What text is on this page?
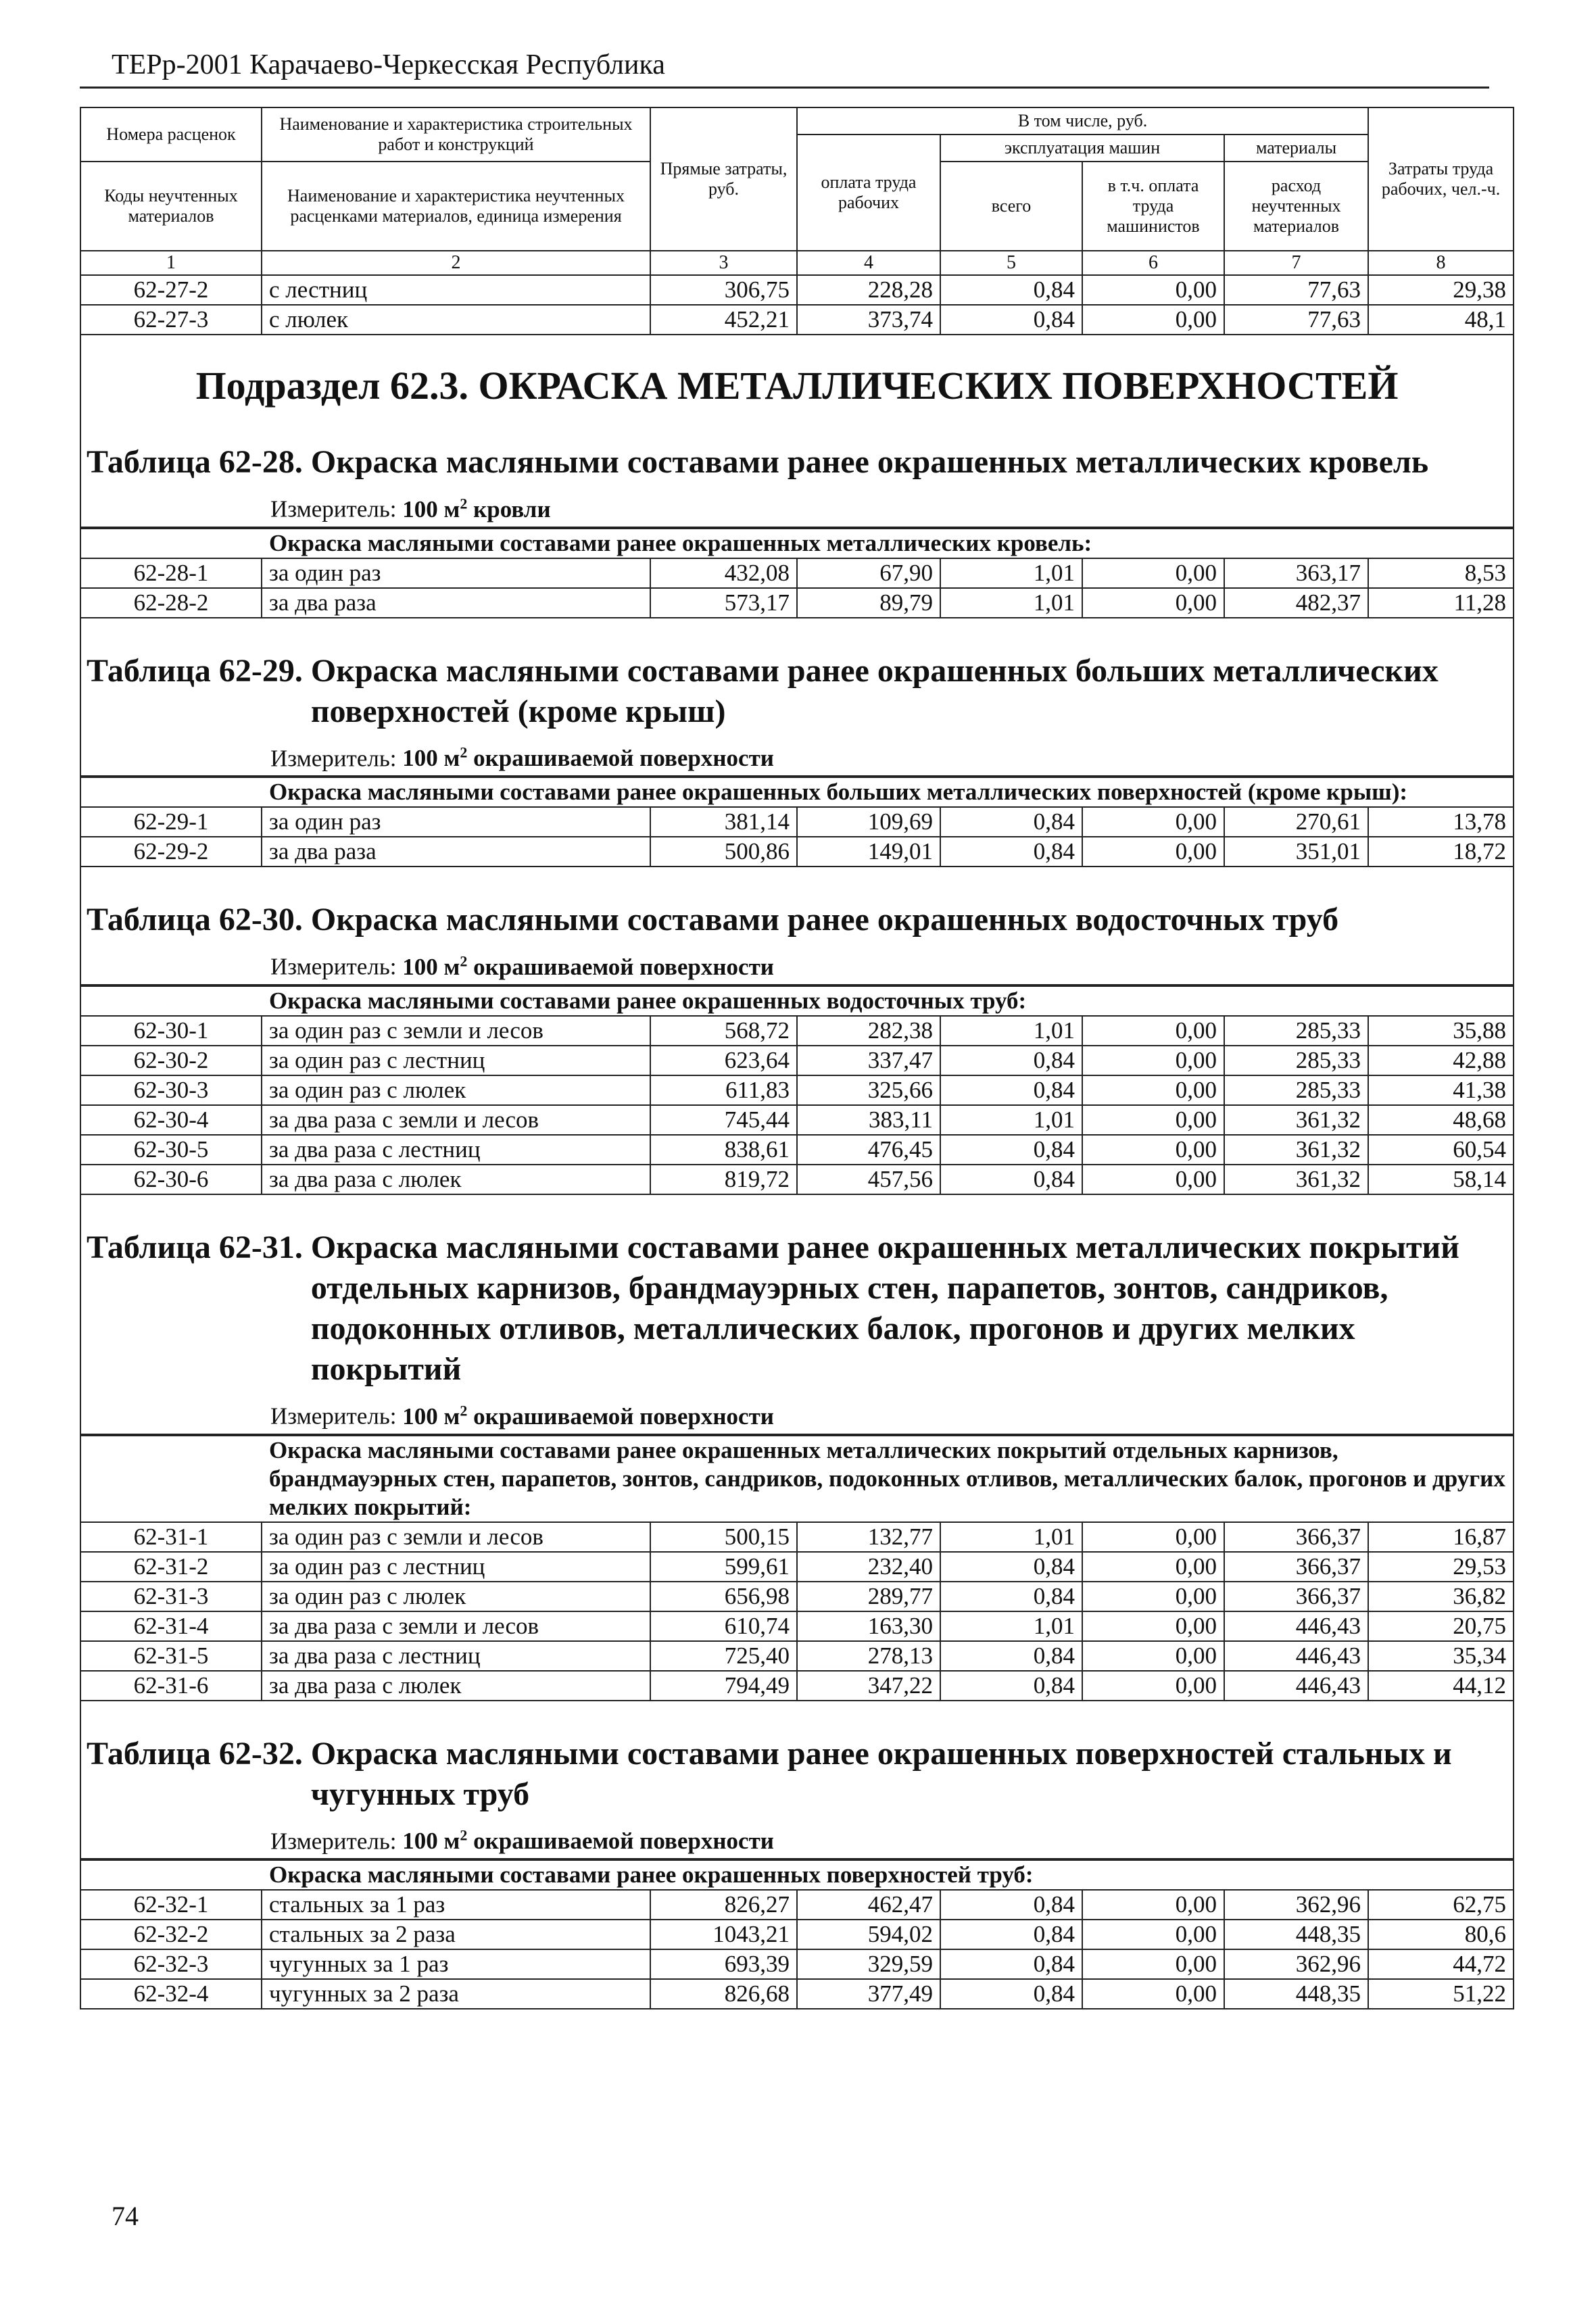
ТЕРр-2001 Карачаево-Черкесская Республика
Номера расценок	Наименование и характеристика строительных работ и конструкций	Прямые затраты, руб.	В том числе, руб.				Затраты труда рабочих, чел.-ч.
			оплата труда рабочих	эксплуатация машин		материалы	
Коды неучтенных материалов	Наименование и характеристика неучтенных расценками материалов, единица измерения			всего	в т.ч. оплата труда машинистов	расход неучтенных материалов	

1	2	3	4	5	6	7	8
62-27-2	с лестниц	306,75	228,28	0,84	0,00	77,63	29,38
62-27-3	с люлек	452,21	373,74	0,84	0,00	77,63	48,1

Подраздел 62.3. ОКРАСКА МЕТАЛЛИЧЕСКИХ ПОВЕРХНОСТЕЙ							

Таблица 62-28. Окраска масляными составами ранее окрашенных металлических кровель
Измеритель: 100 $м^2$ кровли							

Окраска масляными составами ранее окрашенных металлических кровель:							
62-28-1	за один раз	432,08	67,90	1,01	0,00	363,17	8,53
62-28-2	за два раза	573,17	89,79	1,01	0,00	482,37	11,28

Таблица 62-29. Окраска масляными составами ранее окрашенных больших металлических поверхностей (кроме крыш)
Измеритель: 100 $м^2$ окрашиваемой поверхности							

Окраска масляными составами ранее окрашенных больших металлических поверхностей (кроме крыш):							
62-29-1	за один раз	381,14	109,69	0,84	0,00	270,61	13,78
62-29-2	за два раза	500,86	149,01	0,84	0,00	351,01	18,72

Таблица 62-30. Окраска масляными составами ранее окрашенных водосточных труб
Измеритель: 100 $м^2$ окрашиваемой поверхности							

Окраска масляными составами ранее окрашенных водосточных труб:							
62-30-1	за один раз с земли и лесов	568,72	282,38	1,01	0,00	285,33	35,88
62-30-2	за один раз с лестниц	623,64	337,47	0,84	0,00	285,33	42,88
62-30-3	за один раз с люлек	611,83	325,66	0,84	0,00	285,33	41,38
62-30-4	за два раза с земли и лесов	745,44	383,11	1,01	0,00	361,32	48,68
62-30-5	за два раза с лестниц	838,61	476,45	0,84	0,00	361,32	60,54
62-30-6	за два раза с люлек	819,72	457,56	0,84	0,00	361,32	58,14

Таблица 62-31. Окраска масляными составами ранее окрашенных металлических покрытий отдельных карнизов, брандмауэрных стен, парапетов, зонтов, сандриков, подоконных отливов, металлических балок, прогонов и других мелких покрытий
Измеритель: 100 $м^2$ окрашиваемой поверхности							

Окраска масляными составами ранее окрашенных металлических покрытий отдельных карнизов, брандмауэрных стен, парапетов, зонтов, сандриков, подоконных отливов, металлических балок, прогонов и других мелких покрытий:							
62-31-1	за один раз с земли и лесов	500,15	132,77	1,01	0,00	366,37	16,87
62-31-2	за один раз с лестниц	599,61	232,40	0,84	0,00	366,37	29,53
62-31-3	за один раз с люлек	656,98	289,77	0,84	0,00	366,37	36,82
62-31-4	за два раза с земли и лесов	610,74	163,30	1,01	0,00	446,43	20,75
62-31-5	за два раза с лестниц	725,40	278,13	0,84	0,00	446,43	35,34
62-31-6	за два раза с люлек	794,49	347,22	0,84	0,00	446,43	44,12

Таблица 62-32. Окраска масляными составами ранее окрашенных поверхностей стальных и чугунных труб
Измеритель: 100 $м^2$ окрашиваемой поверхности							

Окраска масляными составами ранее окрашенных поверхностей труб:							
62-32-1	стальных за 1 раз	826,27	462,47	0,84	0,00	362,96	62,75
62-32-2	стальных за 2 раза	1043,21	594,02	0,84	0,00	448,35	80,6
62-32-3	чугунных за 1 раз	693,39	329,59	0,84	0,00	362,96	44,72
62-32-4	чугунных за 2 раза	826,68	377,49	0,84	0,00	448,35	51,22
74
